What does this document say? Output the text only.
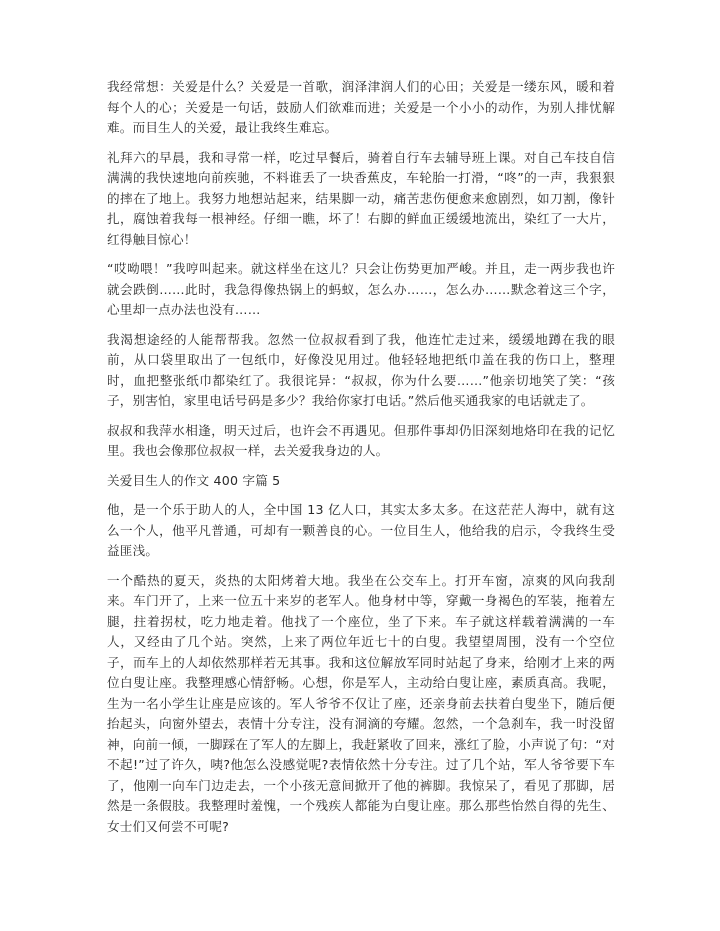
我经常想：关爱是什么？关爱是一首歌，润泽津润人们的心田；关爱是一缕东风，暖和着每个人的心；关爱是一句话，鼓励人们欲难而进；关爱是一个小小的动作，为别人排忧解难。而目生人的关爱，最让我终生难忘。

礼拜六的早晨，我和寻常一样，吃过早餐后，骑着自行车去辅导班上课。对自己车技自信满满的我快速地向前疾驰，不料谁丢了一块香蕉皮，车轮胎一打滑，“咚”的一声，我狠狠的摔在了地上。我努力地想站起来，结果脚一动，痛苦悲伤便愈来愈剧烈，如刀割，像针扎，腐蚀着我每一根神经。仔细一瞧，坏了！右脚的鲜血正缓缓地流出，染红了一大片，红得触目惊心！

“哎呦喂！”我哼叫起来。就这样坐在这儿？只会让伤势更加严峻。并且，走一两步我也许就会跌倒……此时，我急得像热锅上的蚂蚁，怎么办……，怎么办……默念着这三个字，心里却一点办法也没有……

我渴想途经的人能帮帮我。忽然一位叔叔看到了我，他连忙走过来，缓缓地蹲在我的眼前，从口袋里取出了一包纸巾，好像没见用过。他轻轻地把纸巾盖在我的伤口上，整理时，血把整张纸巾都染红了。我很诧异：“叔叔，你为什么要……”他亲切地笑了笑：“孩子，别害怕，家里电话号码是多少？我给你家打电话。”然后他买通我家的电话就走了。

叔叔和我萍水相逢，明天过后，也许会不再遇见。但那件事却仍旧深刻地烙印在我的记忆里。我也会像那位叔叔一样，去关爱我身边的人。

关爱目生人的作文 400 字篇 5

他，是一个乐于助人的人，全中国 13 亿人口，其实太多太多。在这茫茫人海中，就有这么一个人，他平凡普通，可却有一颗善良的心。一位目生人，他给我的启示，令我终生受益匪浅。

一个酷热的夏天，炎热的太阳烤着大地。我坐在公交车上。打开车窗，凉爽的风向我刮来。车门开了，上来一位五十来岁的老军人。他身材中等，穿戴一身褐色的军装，拖着左腿，拄着拐杖，吃力地走着。他找了一个座位，坐了下来。车子就这样载着满满的一车人，又经由了几个站。突然，上来了两位年近七十的白叟。我望望周围，没有一个空位子，而车上的人却依然那样若无其事。我和这位解放军同时站起了身来，给刚才上来的两位白叟让座。我整理感心情舒畅。心想，你是军人，主动给白叟让座，素质真高。我呢，生为一名小学生让座是应该的。军人爷爷不仅让了座，还亲身前去扶着白叟坐下，随后便抬起头，向窗外望去，表情十分专注，没有洞滴的夸耀。忽然，一个急刹车，我一时没留神，向前一倾，一脚踩在了军人的左脚上，我赶紧收了回来，涨红了脸，小声说了句：“对不起!”过了许久，咦?他怎么没感觉呢?表情依然十分专注。过了几个站，军人爷爷要下车了，他刚一向车门边走去，一个小孩无意间掀开了他的裤脚。我惊呆了，看见了那脚，居然是一条假肢。我整理时羞愧，一个残疾人都能为白叟让座。那么那些怡然自得的先生、女士们又何尝不可呢?
